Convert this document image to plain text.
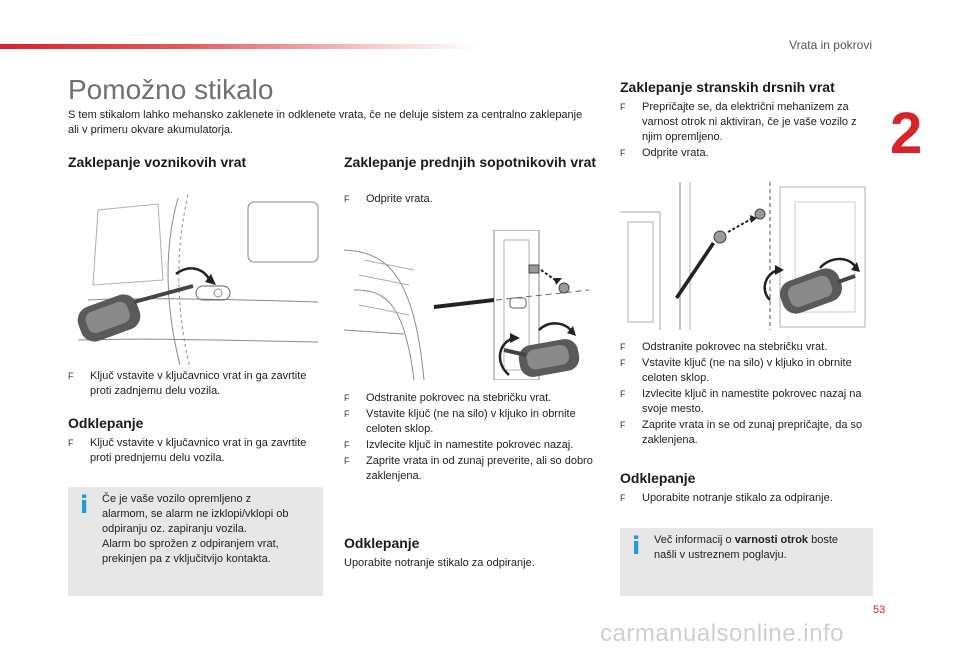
Vrata in pokrovi
2
Pomožno stikalo
S tem stikalom lahko mehansko zaklenete in odklenete vrata, če ne deluje sistem za centralno zaklepanje ali v primeru okvare akumulatorja.
Zaklepanje voznikovih vrat
F	Ključ vstavite v ključavnico vrat in ga zavrtite proti zadnjemu delu vozila.
Odklepanje
F	Ključ vstavite v ključavnico vrat in ga zavrtite proti prednjemu delu vozila.
i Če je vaše vozilo opremljeno z
alarmom, se alarm ne izklopi/vklopi ob
odpiranju oz. zapiranju vozila.
Alarm bo sprožen z odpiranjem vrat,
prekinjen pa z vključitvijo kontakta.
Zaklepanje prednjih sopotnikovih vrat
F	Odprite vrata.
F	Odstranite pokrovec na stebričku vrat.
F	Vstavite ključ (ne na silo) v kljuko in obrnite celoten sklop.
F	Izvlecite ključ in namestite pokrovec nazaj.
F	Zaprite vrata in od zunaj preverite, ali so dobro zaklenjena.
Odklepanje
Uporabite notranje stikalo za odpiranje.
Zaklepanje stranskih drsnih vrat
F	Prepričajte se, da električni mehanizem za varnost otrok ni aktiviran, če je vaše vozilo z njim opremljeno.
F	Odprite vrata.
F	Odstranite pokrovec na stebričku vrat.
F	Vstavite ključ (ne na silo) v kljuko in obrnite celoten sklop.
F	Izvlecite ključ in namestite pokrovec nazaj na svoje mesto.
F	Zaprite vrata in se od zunaj prepričajte, da so zaklenjena.
Odklepanje
F	Uporabite notranje stikalo za odpiranje.
i Več informacij o varnosti otrok boste
našli v ustreznem poglavju.
53
carmanualsonline.info
